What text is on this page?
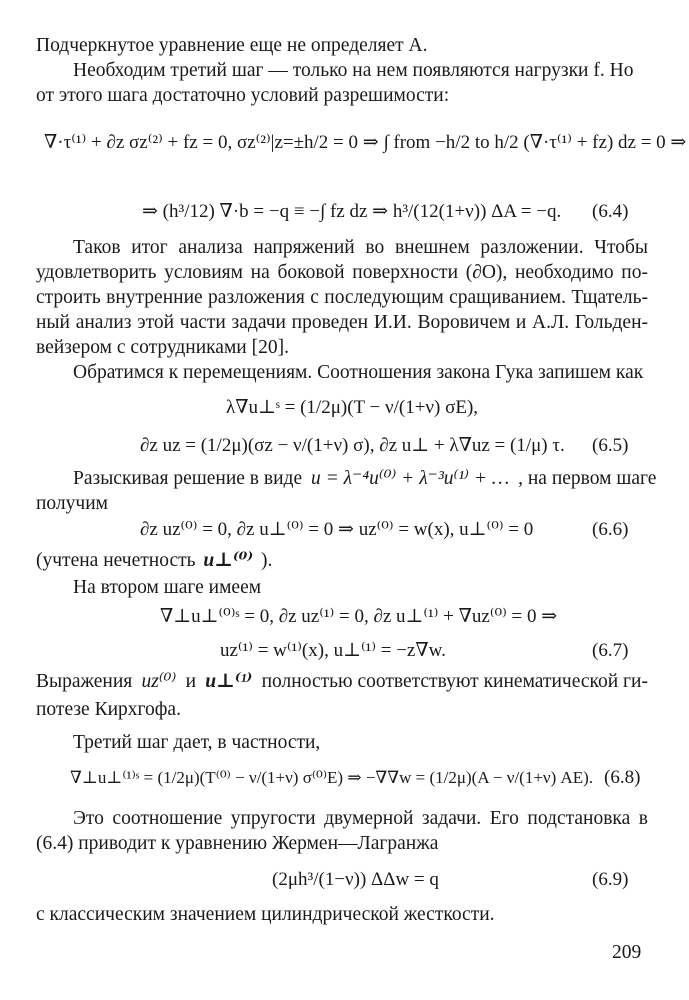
Подчеркнутое уравнение еще не определяет A.
Необходим третий шаг — только на нем появляются нагрузки f. Но
от этого шага достаточно условий разрешимости:
∇·τ⁽¹⁾ + ∂z σz⁽²⁾ + fz = 0, σz⁽²⁾|z=±h/2 = 0 ⇒ ∫ from −h/2 to h/2 (∇·τ⁽¹⁾ + fz) dz = 0 ⇒
⇒ (h³/12) ∇·b = −q ≡ −∫ fz dz ⇒ h³/(12(1+ν)) ΔA = −q. (6.4)
Таков итог анализа напряжений во внешнем разложении. Чтобы
удовлетворить условиям на боковой поверхности (∂O), необходимо по-
строить внутренние разложения с последующим сращиванием. Тщатель-
ный анализ этой части задачи проведен И.И. Воровичем и А.Л. Гольден-
вейзером с сотрудниками [20].
Обратимся к перемещениям. Соотношения закона Гука запишем как
λ∇u⊥ˢ = (1/2μ)(T − ν/(1+ν) σE),
∂z uz = (1/2μ)(σz − ν/(1+ν) σ), ∂z u⊥ + λ∇uz = (1/μ) τ. (6.5)
Разыскивая решение в виде u = λ⁻⁴u⁽⁰⁾ + λ⁻³u⁽¹⁾ + … , на первом шаге
получим
∂z uz⁽⁰⁾ = 0, ∂z u⊥⁽⁰⁾ = 0 ⇒ uz⁽⁰⁾ = w(x), u⊥⁽⁰⁾ = 0	(6.6)
(учтена нечетность u⊥⁽⁰⁾ ).
На втором шаге имеем
∇⊥u⊥⁽⁰⁾ˢ = 0, ∂z uz⁽¹⁾ = 0, ∂z u⊥⁽¹⁾ + ∇uz⁽⁰⁾ = 0 ⇒
uz⁽¹⁾ = w⁽¹⁾(x), u⊥⁽¹⁾ = −z∇w.	(6.7)
Выражения uz⁽⁰⁾ и u⊥⁽¹⁾ полностью соответствуют кинематической ги-
потезе Кирхгофа.
Третий шаг дает, в частности,
∇⊥u⊥⁽¹⁾ˢ = (1/2μ)(T⁽⁰⁾ − ν/(1+ν) σ⁽⁰⁾E) ⇒ −∇∇w = (1/2μ)(A − ν/(1+ν) AE). (6.8)
Это соотношение упругости двумерной задачи. Его подстановка в
(6.4) приводит к уравнению Жермен—Лагранжа
(2μh³/(1−ν)) ΔΔw = q	(6.9)
с классическим значением цилиндрической жесткости.
209
